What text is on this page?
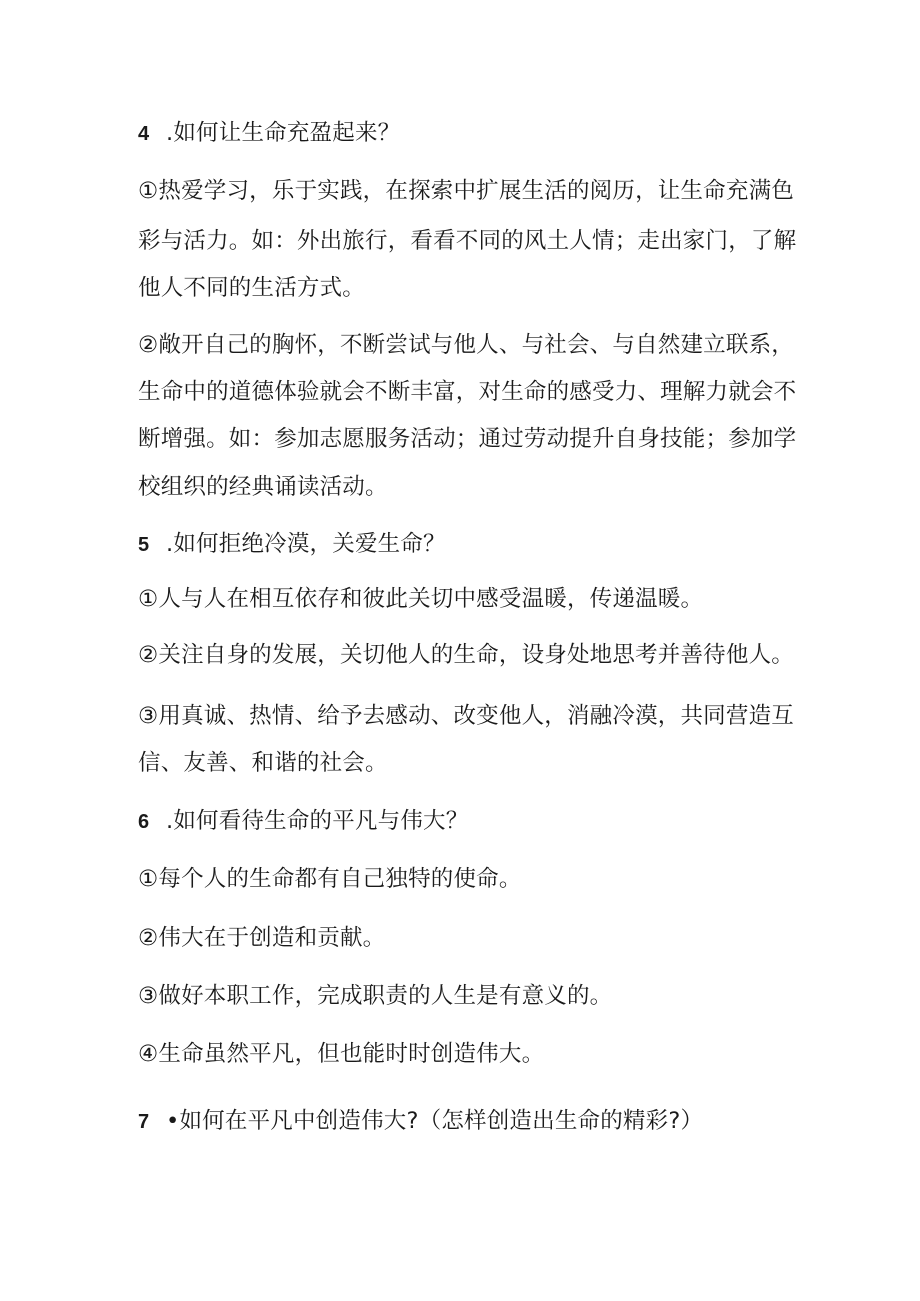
4 .如何让生命充盈起来？
①热爱学习，乐于实践，在探索中扩展生活的阅历，让生命充满色
彩与活力。如：外出旅行，看看不同的风土人情；走出家门，了解
他人不同的生活方式。
②敞开自己的胸怀，不断尝试与他人、与社会、与自然建立联系，
生命中的道德体验就会不断丰富，对生命的感受力、理解力就会不
断增强。如：参加志愿服务活动；通过劳动提升自身技能；参加学
校组织的经典诵读活动。
5 .如何拒绝冷漠，关爱生命？
①人与人在相互依存和彼此关切中感受温暖，传递温暖。
②关注自身的发展，关切他人的生命，设身处地思考并善待他人。
③用真诚、热情、给予去感动、改变他人，消融冷漠，共同营造互
信、友善、和谐的社会。
6 .如何看待生命的平凡与伟大？
①每个人的生命都有自己独特的使命。
②伟大在于创造和贡献。
③做好本职工作，完成职责的人生是有意义的。
④生命虽然平凡，但也能时时创造伟大。
7 •如何在平凡中创造伟大?（怎样创造出生命的精彩?）
